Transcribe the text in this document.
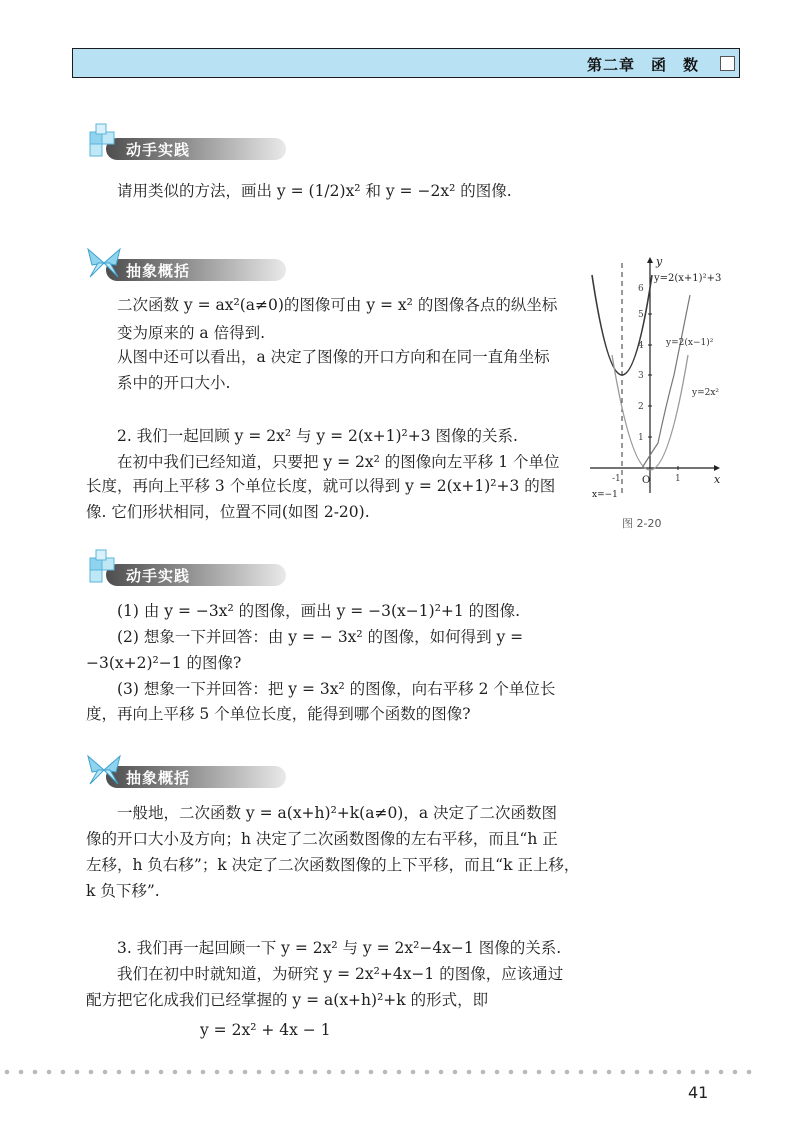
第二章　函　数
动手实践
请用类似的方法，画出 y = (1/2)x² 和 y = −2x² 的图像.
抽象概括
二次函数 y = ax²(a≠0)的图像可由 y = x² 的图像各点的纵坐标
变为原来的 a 倍得到.
从图中还可以看出，a 决定了图像的开口方向和在同一直角坐标
系中的开口大小.
2. 我们一起回顾 y = 2x² 与 y = 2(x+1)²+3 图像的关系.
在初中我们已经知道，只要把 y = 2x² 的图像向左平移 1 个单位
长度，再向上平移 3 个单位长度，就可以得到 y = 2(x+1)²+3 的图
像. 它们形状相同，位置不同(如图 2-20).
y
x
O
y=2(x+1)²+3
y=2(x−1)²
y=2x²
x=−1
6
5
4
3
2
1
1
-1
图 2-20
动手实践
(1) 由 y = −3x² 的图像，画出 y = −3(x−1)²+1 的图像.
(2) 想象一下并回答：由 y = − 3x² 的图像，如何得到 y =
−3(x+2)²−1 的图像?
(3) 想象一下并回答：把 y = 3x² 的图像，向右平移 2 个单位长
度，再向上平移 5 个单位长度，能得到哪个函数的图像?
抽象概括
一般地，二次函数 y = a(x+h)²+k(a≠0)，a 决定了二次函数图
像的开口大小及方向；h 决定了二次函数图像的左右平移，而且“h 正
左移，h 负右移”；k 决定了二次函数图像的上下平移，而且“k 正上移，
k 负下移”.
3. 我们再一起回顾一下 y = 2x² 与 y = 2x²−4x−1 图像的关系.
我们在初中时就知道，为研究 y = 2x²+4x−1 的图像，应该通过
配方把它化成我们已经掌握的 y = a(x+h)²+k 的形式，即
y = 2x² + 4x − 1
41
